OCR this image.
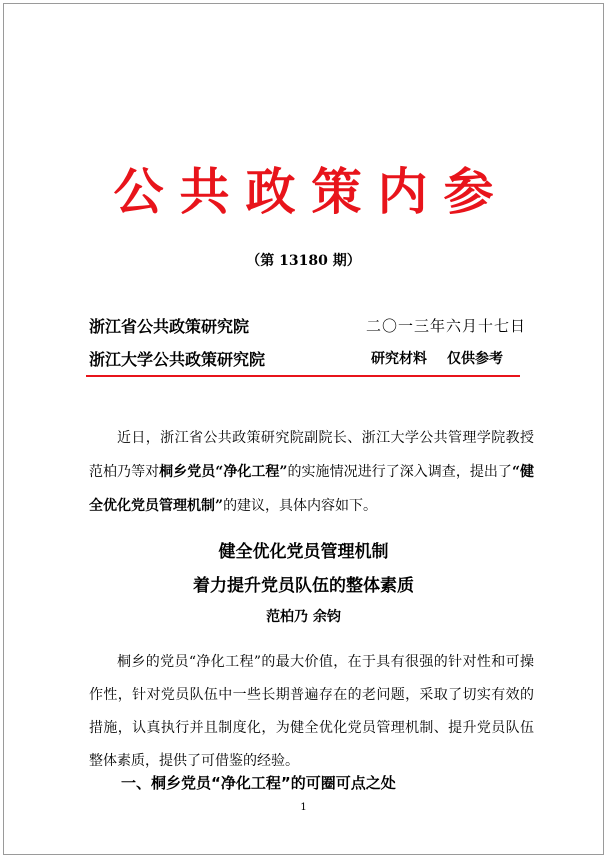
公共政策内参
（第 13180 期）
浙江省公共政策研究院	二〇一三年六月十七日
浙江大学公共政策研究院	研究材料 仅供参考

近日，浙江省公共政策研究院副院长、浙江大学公共管理学院教授范柏乃等对桐乡党员“净化工程”的实施情况进行了深入调查，提出了“健全优化党员管理机制”的建议，具体内容如下。

健全优化党员管理机制
着力提升党员队伍的整体素质
范柏乃 余钧

桐乡的党员“净化工程”的最大价值，在于具有很强的针对性和可操作性，针对党员队伍中一些长期普遍存在的老问题，采取了切实有效的措施，认真执行并且制度化，为健全优化党员管理机制、提升党员队伍整体素质，提供了可借鉴的经验。

一、桐乡党员“净化工程”的可圈可点之处
1
